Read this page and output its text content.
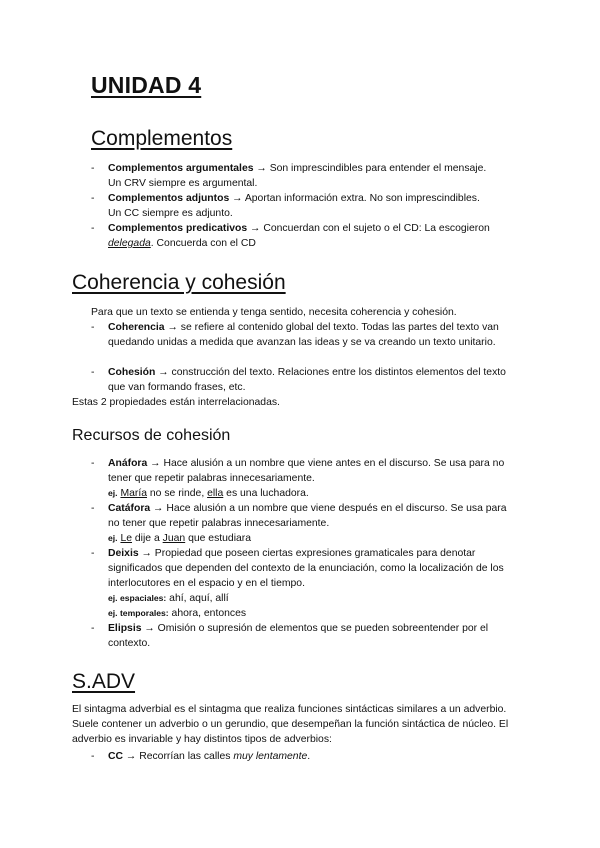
UNIDAD 4
Complementos
- Complementos argumentales → Son imprescindibles para entender el mensaje.
Un CRV siempre es argumental.
- Complementos adjuntos → Aportan información extra. No son imprescindibles.
Un CC siempre es adjunto.
- Complementos predicativos → Concuerdan con el sujeto o el CD: La escogieron
delegada. Concuerda con el CD
Coherencia y cohesión
Para que un texto se entienda y tenga sentido, necesita coherencia y cohesión.
- Coherencia → se refiere al contenido global del texto. Todas las partes del texto van quedando unidas a medida que avanzan las ideas y se va creando un texto unitario.
- Cohesión → construcción del texto. Relaciones entre los distintos elementos del texto que van formando frases, etc.
Estas 2 propiedades están interrelacionadas.
Recursos de cohesión
- Anáfora → Hace alusión a un nombre que viene antes en el discurso. Se usa para no tener que repetir palabras innecesariamente.
ej. María no se rinde, ella es una luchadora.
- Catáfora → Hace alusión a un nombre que viene después en el discurso. Se usa para no tener que repetir palabras innecesariamente.
ej. Le dije a Juan que estudiara
- Deixis → Propiedad que poseen ciertas expresiones gramaticales para denotar significados que dependen del contexto de la enunciación, como la localización de los interlocutores en el espacio y en el tiempo.
ej. espaciales: ahí, aquí, allí
ej. temporales: ahora, entonces
- Elipsis → Omisión o supresión de elementos que se pueden sobreentender por el contexto.
S.ADV
El sintagma adverbial es el sintagma que realiza funciones sintácticas similares a un adverbio. Suele contener un adverbio o un gerundio, que desempeñan la función sintáctica de núcleo. El adverbio es invariable y hay distintos tipos de adverbios:
- CC → Recorrían las calles muy lentamente.
